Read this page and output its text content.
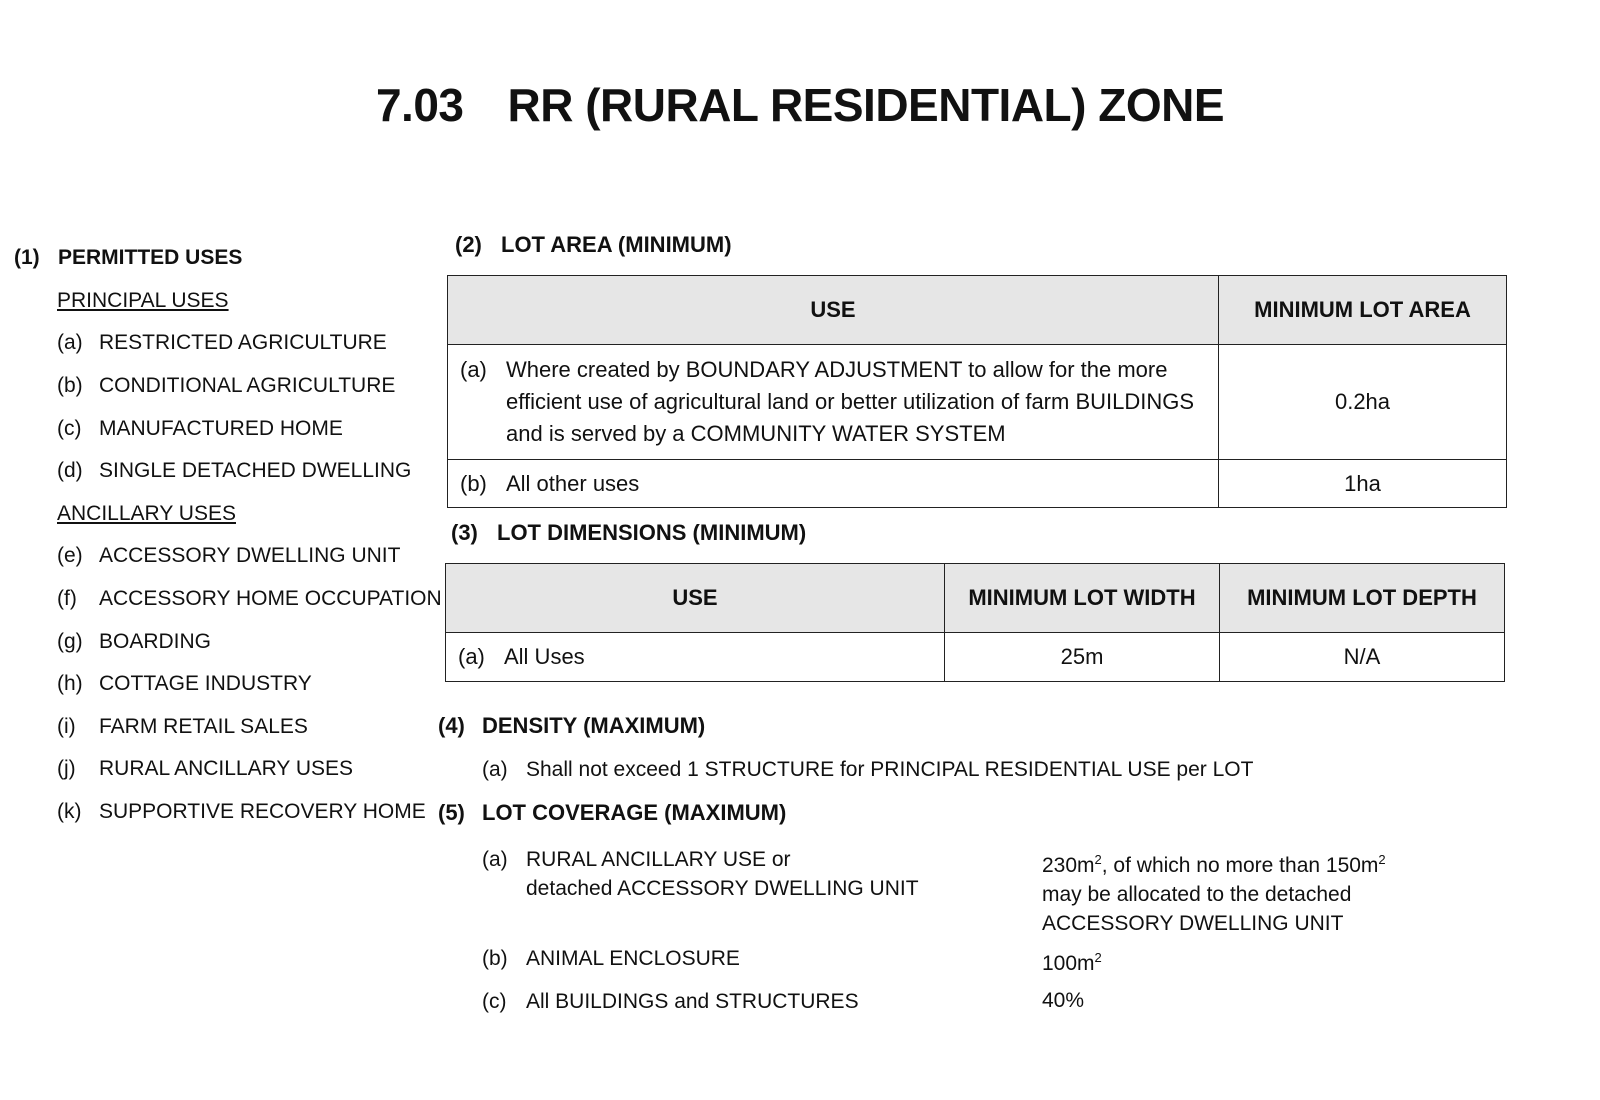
7.03 RR (RURAL RESIDENTIAL) ZONE
(1) PERMITTED USES
PRINCIPAL USES
(a) RESTRICTED AGRICULTURE
(b) CONDITIONAL AGRICULTURE
(c) MANUFACTURED HOME
(d) SINGLE DETACHED DWELLING
ANCILLARY USES
(e) ACCESSORY DWELLING UNIT
(f) ACCESSORY HOME OCCUPATION
(g) BOARDING
(h) COTTAGE INDUSTRY
(i) FARM RETAIL SALES
(j) RURAL ANCILLARY USES
(k) SUPPORTIVE RECOVERY HOME
(2) LOT AREA (MINIMUM)
USE	MINIMUM LOT AREA

(a) Where created by BOUNDARY ADJUSTMENT to allow for the more efficient use of agricultural land or better utilization of farm BUILDINGS and is served by a COMMUNITY WATER SYSTEM	0.2ha

(b) All other uses	1ha
(3) LOT DIMENSIONS (MINIMUM)
USE	MINIMUM LOT WIDTH	MINIMUM LOT DEPTH

(a) All Uses	25m	N/A
(4) DENSITY (MAXIMUM)
(a) Shall not exceed 1 STRUCTURE for PRINCIPAL RESIDENTIAL USE per LOT
(5) LOT COVERAGE (MAXIMUM)
(a) RURAL ANCILLARY USE or
detached ACCESSORY DWELLING UNIT
$230m^2$, of which no more than $150m^2$
may be allocated to the detached
ACCESSORY DWELLING UNIT
(b) ANIMAL ENCLOSURE	$100m^2$
(c) All BUILDINGS and STRUCTURES	40%
